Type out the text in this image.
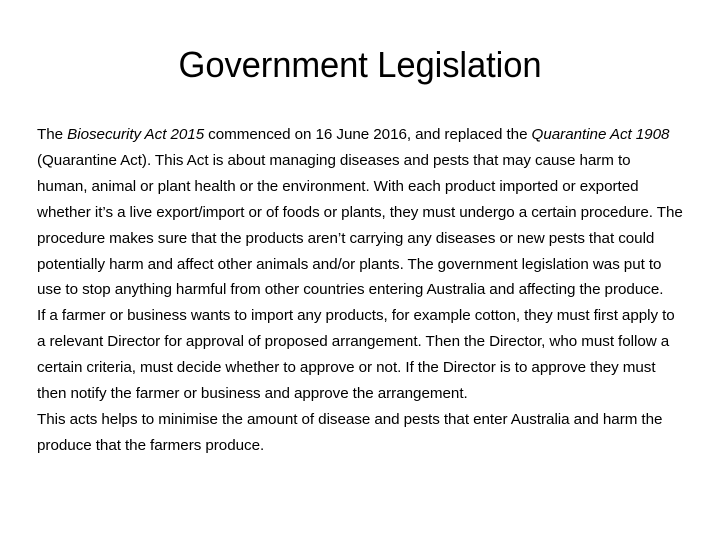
Government Legislation

The Biosecurity Act 2015 commenced on 16 June 2016, and replaced the Quarantine Act 1908 (Quarantine Act). This Act is about managing diseases and pests that may cause harm to human, animal or plant health or the environment. With each product imported or exported whether it’s a live export/import or of foods or plants, they must undergo a certain procedure. The procedure makes sure that the products aren’t carrying any diseases or new pests that could potentially harm and affect other animals and/or plants. The government legislation was put to use to stop anything harmful from other countries entering Australia and affecting the produce.

If a farmer or business wants to import any products, for example cotton, they must first apply to a relevant Director for approval of proposed arrangement. Then the Director, who must follow a certain criteria, must decide whether to approve or not. If the Director is to approve they must then notify the farmer or business and approve the arrangement.

This acts helps to minimise the amount of disease and pests that enter Australia and harm the produce that the farmers produce.
